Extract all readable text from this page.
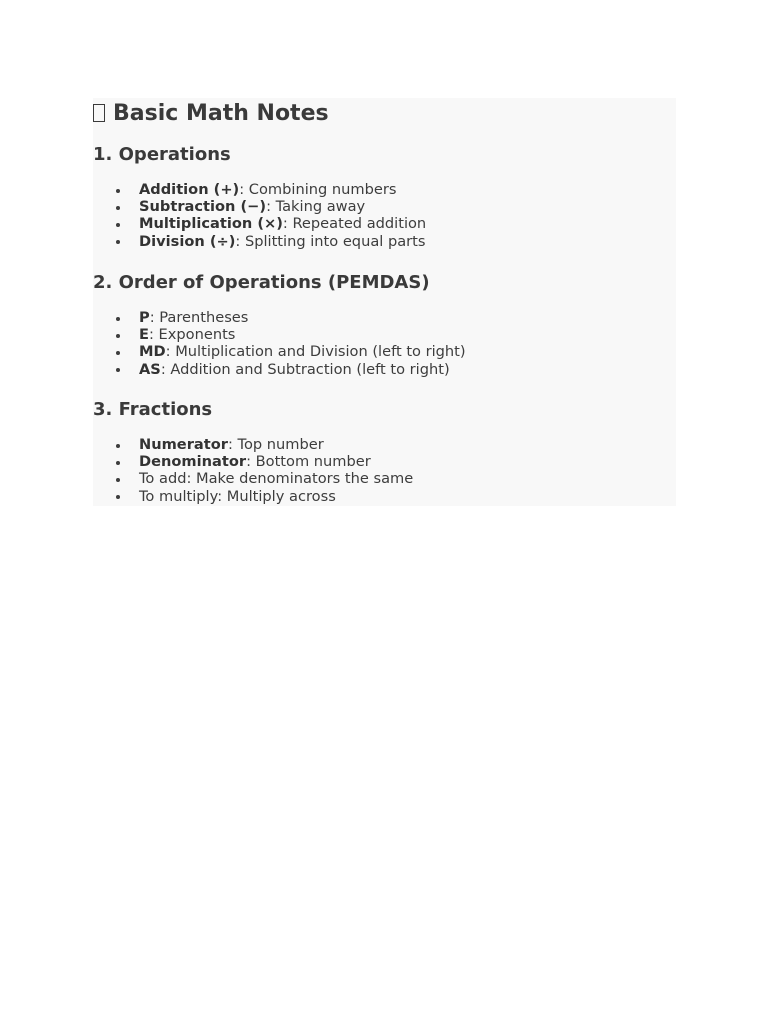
Basic Math Notes
1. Operations
Addition (+): Combining numbers
Subtraction (−): Taking away
Multiplication (×): Repeated addition
Division (÷): Splitting into equal parts
2. Order of Operations (PEMDAS)
P: Parentheses
E: Exponents
MD: Multiplication and Division (left to right)
AS: Addition and Subtraction (left to right)
3. Fractions
Numerator: Top number
Denominator: Bottom number
To add: Make denominators the same
To multiply: Multiply across
